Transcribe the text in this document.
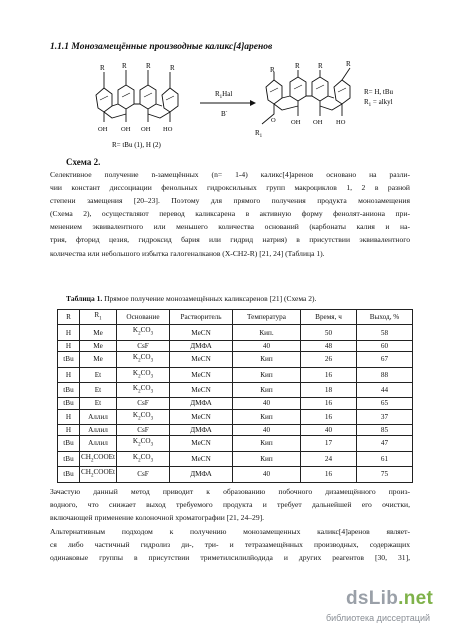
1.1.1 Монозамещённые производные каликс[4]аренов
R R	R	R
OH OH OH HO
R= tBu (1), H (2)
$R_1Hal$
B-
R	R	R	R
O
$R_1$
OH OH HO
R= H, tBu
$R_1$ = alkyl
Схема 2.
Селективное получение n-замещённых (n= 1-4) каликс[4]аренов основано на разли-
чии констант диссоциации фенольных гидроксильных групп макроциклов 1, 2 в разной
степени замещения [20–23]. Поэтому для прямого получения продукта монозамещения
(Схема 2), осуществляют перевод каликсарена в активную форму фенолят-аниона при-
менением эквивалентного или меньшего количества оснований (карбонаты калия и на-
трия, фторид цезия, гидроксид бария или гидрид натрия) в присутствии эквивалентного
количества или небольшого избытка галогеналканов (X-CH2-R) [21, 24] (Таблица 1).
Таблица 1. Прямое получение монозамещённых каликсаренов [21] (Схема 2).
R	$R_1$	Основание	Растворитель	Температура	Время, ч	Выход, %
H	Me	$K_2CO_3$	MeCN	Кип.	50	58
H	Me	CsF	ДМФА	40	48	60
tBu	Me	$K_2CO_3$	MeCN	Кип	26	67
H	Et	$K_2CO_3$	MeCN	Кип	16	88
tBu	Et	$K_2CO_3$	MeCN	Кип	18	44
tBu	Et	CsF	ДМФА	40	16	65
H	Аллил	$K_2CO_3$	MeCN	Кип	16	37
H	Аллил	CsF	ДМФА	40	40	85
tBu	Аллил	$K_2CO_3$	MeCN	Кип	17	47
tBu	$CH_2COOEt$	$K_2CO_3$	MeCN	Кип	24	61
tBu	$CH_2COOEt$	CsF	ДМФА	40	16	75
Зачастую данный метод приводит к образованию побочного дизамещённого произ-
водного, что снижает выход требуемого продукта и требует дальнейшей его очистки,
включающей применение колоночной хроматографии [21, 24–29].
Альтернативным подходом к получению монозамещенных каликс[4]аренов являет-
ся либо частичный гидролиз ди-, три- и тетразамещённых производных, содержащих
одинаковые группы в присутствии триметилсилилйодида и других реагентов [30, 31],
dsLib.net
библиотека диссертаций
